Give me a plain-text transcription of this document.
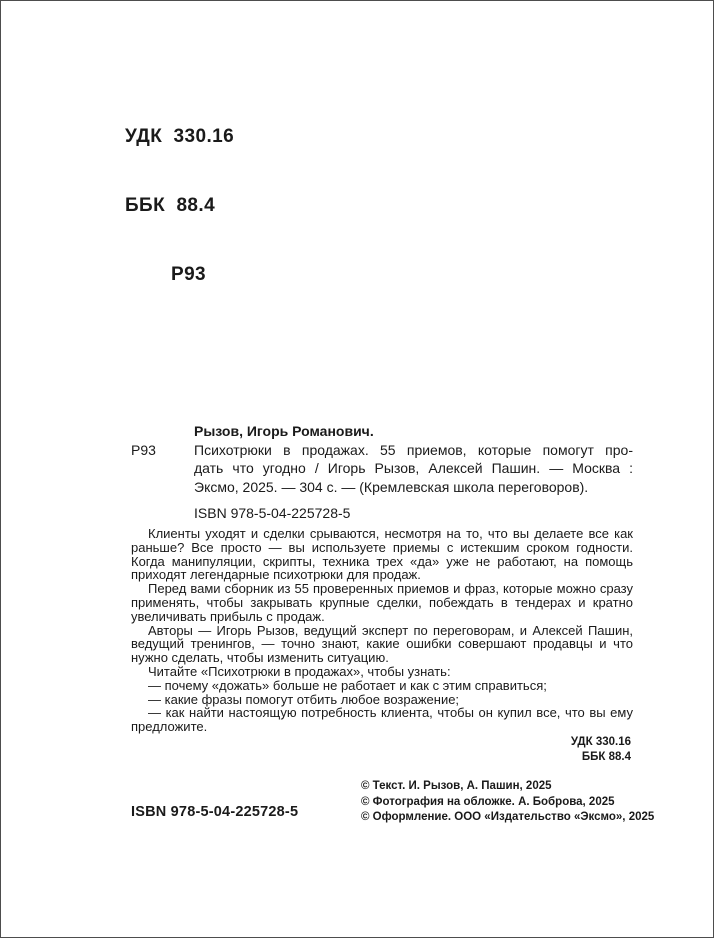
УДК  330.16

ББК  88.4

Р93

Рызов, Игорь Романович.
Р93	Психотрюки в продажах. 55 приемов, которые помогут про-
дать что угодно / Игорь Рызов, Алексей Пашин. — Москва :
Эксмо, 2025. — 304 с. — (Кремлевская школа переговоров).
ISBN 978-5-04-225728-5

Клиенты уходят и сделки срываются, несмотря на то, что вы делаете все как раньше? Все просто — вы используете приемы с истекшим сроком годности. Когда манипуляции, скрипты, техника трех «да» уже не работают, на помощь приходят легендарные психотрюки для продаж.

Перед вами сборник из 55 проверенных приемов и фраз, которые можно сразу применять, чтобы закрывать крупные сделки, побеждать в тендерах и кратно увеличивать прибыль с продаж.

Авторы — Игорь Рызов, ведущий эксперт по переговорам, и Алексей Пашин, ведущий тренингов, — точно знают, какие ошибки совершают продавцы и что нужно сделать, чтобы изменить ситуацию.

Читайте «Психотрюки в продажах», чтобы узнать:

— почему «дожать» больше не работает и как с этим справиться;

— какие фразы помогут отбить любое возражение;

— как найти настоящую потребность клиента, чтобы он купил все, что вы ему предложите.

УДК 330.16
ББК 88.4
ISBN 978-5-04-225728-5
© Текст. И. Рызов, А. Пашин, 2025
© Фотография на обложке. А. Боброва, 2025
© Оформление. ООО «Издательство «Эксмо», 2025
